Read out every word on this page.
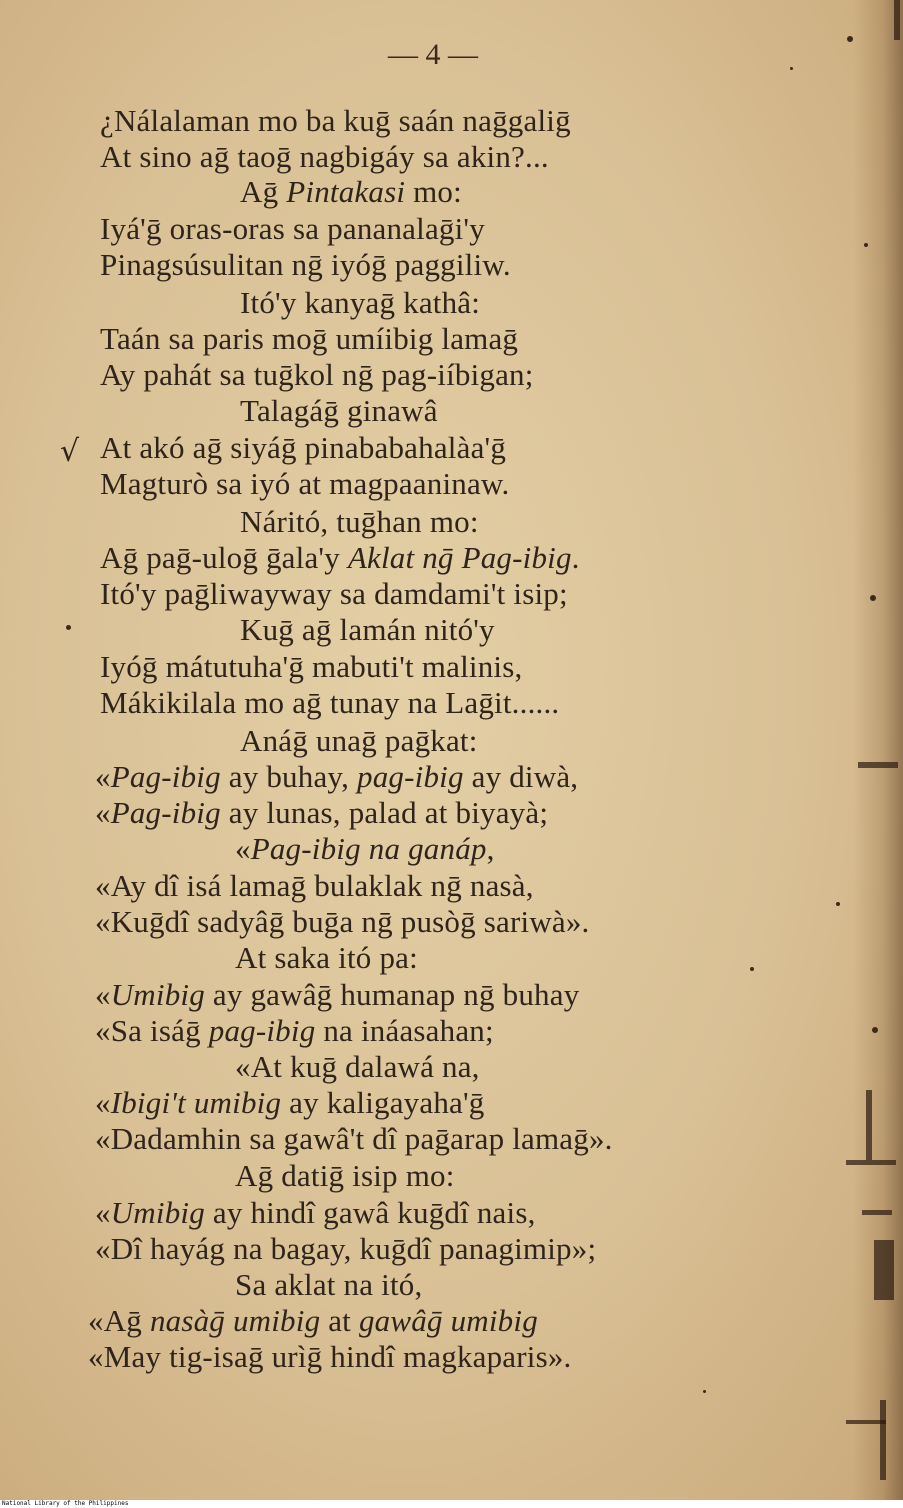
— 4 —
√
¿Nálalaman mo ba kuḡ saán naḡgaliḡ
At sino aḡ taoḡ nagbigáy sa akin?...
Aḡ Pintakasi mo:
Iyá'ḡ oras-oras sa pananalaḡi'y
Pinagsúsulitan nḡ iyóḡ paggiliw.
Itó'y kanyaḡ kathâ:
Taán sa paris moḡ umíibig lamaḡ
Ay pahát sa tuḡkol nḡ pag-iíbigan;
Talagáḡ ginawâ
At akó aḡ siyáḡ pinababahalàa'ḡ
Magturò sa iyó at magpaaninaw.
Náritó, tuḡhan mo:
Aḡ paḡ-uloḡ ḡala'y Aklat nḡ Pag-ibig.
Itó'y paḡliwayway sa damdami't isip;
Kuḡ aḡ lamán nitó'y
Iyóḡ mátutuha'ḡ mabuti't malinis,
Mákikilala mo aḡ tunay na Laḡit......
Anáḡ unaḡ paḡkat:
«Pag-ibig ay buhay, pag-ibig ay diwà,
«Pag-ibig ay lunas, palad at biyayà;
«Pag-ibig na ganáp,
«Ay dî isá lamaḡ bulaklak nḡ nasà,
«Kuḡdî sadyâḡ buḡa nḡ pusòḡ sariwà».
At saka itó pa:
«Umibig ay gawâḡ humanap nḡ buhay
«Sa isáḡ pag-ibig na ináasahan;
«At kuḡ dalawá na,
«Ibigi't umibig ay kaligayaha'ḡ
«Dadamhin sa gawâ't dî paḡarap lamaḡ».
Aḡ datiḡ isip mo:
«Umibig ay hindî gawâ kuḡdî nais,
«Dî hayág na bagay, kuḡdî panagimip»;
Sa aklat na itó,
«Aḡ nasàḡ umibig at gawâḡ umibig
«May tig-isaḡ urìḡ hindî magkaparis».
National Library of the Philippines
